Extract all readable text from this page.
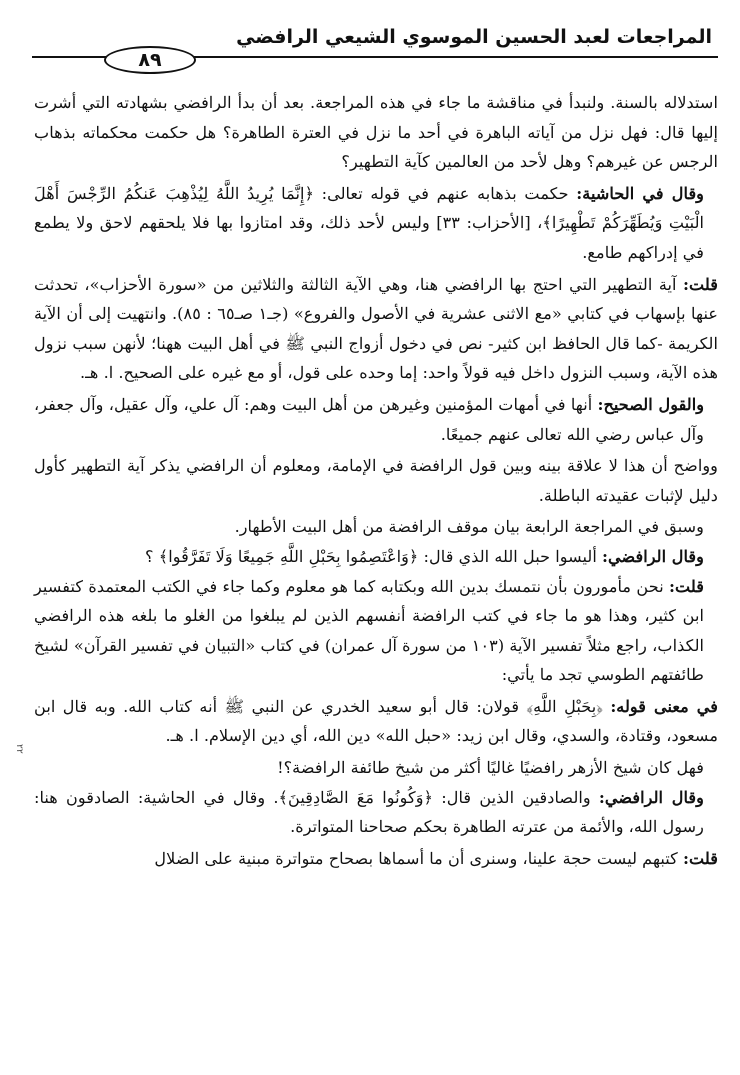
المراجعات لعبد الحسين الموسوي الشيعي الرافضي
٨٩

استدلاله بالسنة. ولنبدأ في مناقشة ما جاء في هذه المراجعة. بعد أن بدأ الرافضي بشهادته التي أشرت إليها قال: فهل نزل من آياته الباهرة في أحد ما نزل في العترة الطاهرة؟ هل حكمت محكماته بذهاب الرجس عن غيرهم؟ وهل لأحد من العالمين كآية التطهير؟

وقال في الحاشية: حكمت بذهابه عنهم في قوله تعالى: ﴿إِنَّمَا يُرِيدُ اللَّهُ لِيُذْهِبَ عَنكُمُ الرِّجْسَ أَهْلَ الْبَيْتِ وَيُطَهِّرَكُمْ تَطْهِيرًا﴾، [الأحزاب: ٣٣] وليس لأحد ذلك، وقد امتازوا بها فلا يلحقهم لاحق ولا يطمع في إدراكهم طامع.

قلت: آية التطهير التي احتج بها الرافضي هنا، وهي الآية الثالثة والثلاثين من «سورة الأحزاب»، تحدثت عنها بإسهاب في كتابي «مع الاثنى عشرية في الأصول والفروع» (جـ١ صـ٦٥ : ٨٥). وانتهيت إلى أن الآية الكريمة -كما قال الحافظ ابن كثير- نص في دخول أزواج النبي ﷺ في أهل البيت ههنا؛ لأنهن سبب نزول هذه الآية، وسبب النزول داخل فيه قولاً واحد: إما وحده على قول، أو مع غيره على الصحيح. ا. هـ.

والقول الصحيح: أنها في أمهات المؤمنين وغيرهن من أهل البيت وهم: آل علي، وآل عقيل، وآل جعفر، وآل عباس رضي الله تعالى عنهم جميعًا.

وواضح أن هذا لا علاقة بينه وبين قول الرافضة في الإمامة، ومعلوم أن الرافضي يذكر آية التطهير كأول دليل لإثبات عقيدته الباطلة.

وسبق في المراجعة الرابعة بيان موقف الرافضة من أهل البيت الأطهار.

وقال الرافضي: أليسوا حبل الله الذي قال: ﴿وَاعْتَصِمُوا بِحَبْلِ اللَّهِ جَمِيعًا وَلَا تَفَرَّقُوا﴾ ؟

قلت: نحن مأمورون بأن نتمسك بدين الله وبكتابه كما هو معلوم وكما جاء في الكتب المعتمدة كتفسير ابن كثير، وهذا هو ما جاء في كتب الرافضة أنفسهم الذين لم يبلغوا من الغلو ما بلغه هذه الرافضي الكذاب، راجع مثلاً تفسير الآية (١٠٣ من سورة آل عمران) في كتاب «التبيان في تفسير القرآن» لشيخ طائفتهم الطوسي تجد ما يأتي:

في معنى قوله: ﴿بِحَبْلِ اللَّهِ﴾ قولان: قال أبو سعيد الخدري عن النبي ﷺ أنه كتاب الله. وبه قال ابن مسعود، وقتادة، والسدي، وقال ابن زيد: «حبل الله» دين الله، أي دين الإسلام. ا. هـ.

فهل كان شيخ الأزهر رافضيًا غاليًا أكثر من شيخ طائفة الرافضة؟!

وقال الرافضي: والصادقين الذين قال: ﴿وَكُونُوا مَعَ الصَّادِقِينَ﴾. وقال في الحاشية: الصادقون هنا: رسول الله، والأئمة من عترته الطاهرة بحكم صحاحنا المتواترة.

قلت: كتبهم ليست حجة علينا، وسنرى أن ما أسماها بصحاح متواترة مبنية على الضلال

٢٢
